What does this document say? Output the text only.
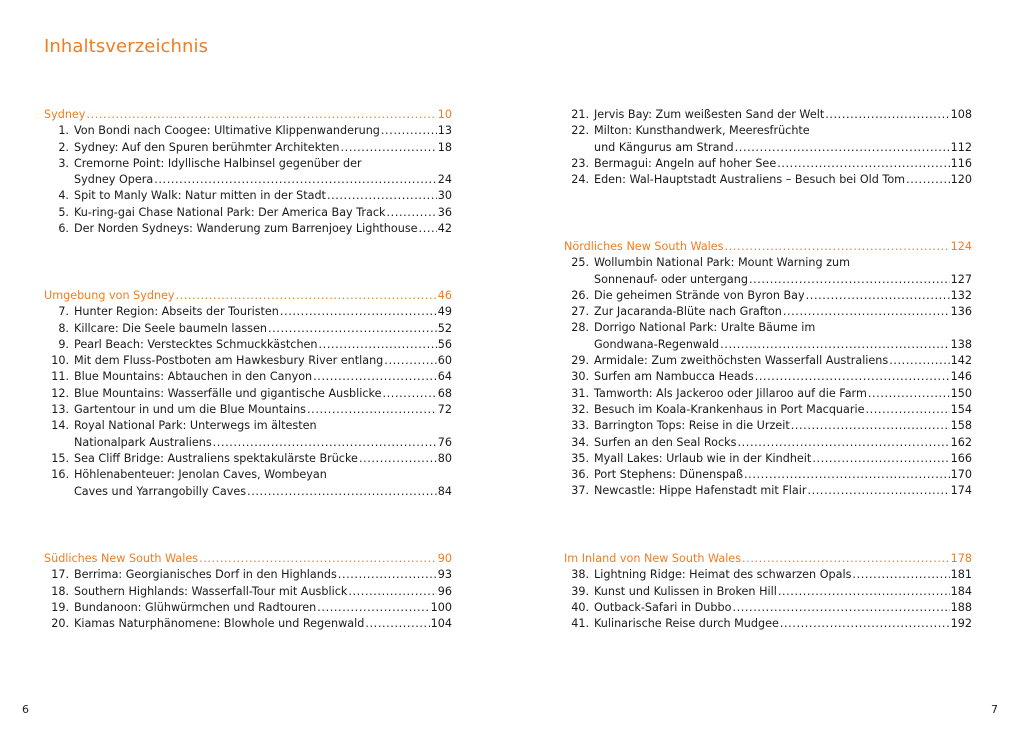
Inhaltsverzeichnis
Sydney .....	10
1. Von Bondi nach Coogee: Ultimative Klippenwanderung .....	13
2. Sydney: Auf den Spuren berühmter Architekten .....	18
3. Cremorne Point: Idyllische Halbinsel gegenüber der
Sydney Opera .....	24
4. Spit to Manly Walk: Natur mitten in der Stadt .....	30
5. Ku-ring-gai Chase National Park: Der America Bay Track .....	36
6. Der Norden Sydneys: Wanderung zum Barrenjoey Lighthouse ..... 42
Umgebung von Sydney .....	46
7. Hunter Region: Abseits der Touristen .....	49
8. Killcare: Die Seele baumeln lassen .....	52
9. Pearl Beach: Verstecktes Schmuckkästchen .....	56
10. Mit dem Fluss-Postboten am Hawkesbury River entlang .....	60
11. Blue Mountains: Abtauchen in den Canyon .....	64
12. Blue Mountains: Wasserfälle und gigantische Ausblicke .....	68
13. Gartentour in und um die Blue Mountains .....	72
14. Royal National Park: Unterwegs im ältesten
Nationalpark Australiens .....	76
15. Sea Cliff Bridge: Australiens spektakulärste Brücke .....	80
16. Höhlenabenteuer: Jenolan Caves, Wombeyan
Caves und Yarrangobilly Caves .....	84
Südliches New South Wales .....	90
17. Berrima: Georgianisches Dorf in den Highlands .....	93
18. Southern Highlands: Wasserfall-Tour mit Ausblick .....	96
19. Bundanoon: Glühwürmchen und Radtouren .....	100
20. Kiamas Naturphänomene: Blowhole und Regenwald .....	104
21. Jervis Bay: Zum weißesten Sand der Welt .....	108
22. Milton: Kunsthandwerk, Meeresfrüchte
und Kängurus am Strand .....	112
23. Bermagui: Angeln auf hoher See .....	116
24. Eden: Wal-Hauptstadt Australiens – Besuch bei Old Tom .....	120
Nördliches New South Wales .....	124
25. Wollumbin National Park: Mount Warning zum
Sonnenauf- oder untergang .....	127
26. Die geheimen Strände von Byron Bay .....	132
27. Zur Jacaranda-Blüte nach Grafton .....	136
28. Dorrigo National Park: Uralte Bäume im
Gondwana-Regenwald .....	138
29. Armidale: Zum zweithöchsten Wasserfall Australiens .....	142
30. Surfen am Nambucca Heads .....	146
31. Tamworth: Als Jackeroo oder Jillaroo auf die Farm .....	150
32. Besuch im Koala-Krankenhaus in Port Macquarie .....	154
33. Barrington Tops: Reise in die Urzeit .....	158
34. Surfen an den Seal Rocks .....	162
35. Myall Lakes: Urlaub wie in der Kindheit .....	166
36. Port Stephens: Dünenspaß .....	170
37. Newcastle: Hippe Hafenstadt mit Flair .....	174
Im Inland von New South Wales .....	178
38. Lightning Ridge: Heimat des schwarzen Opals .....	181
39. Kunst und Kulissen in Broken Hill .....	184
40. Outback-Safari in Dubbo .....	188
41. Kulinarische Reise durch Mudgee .....	192
6	7
